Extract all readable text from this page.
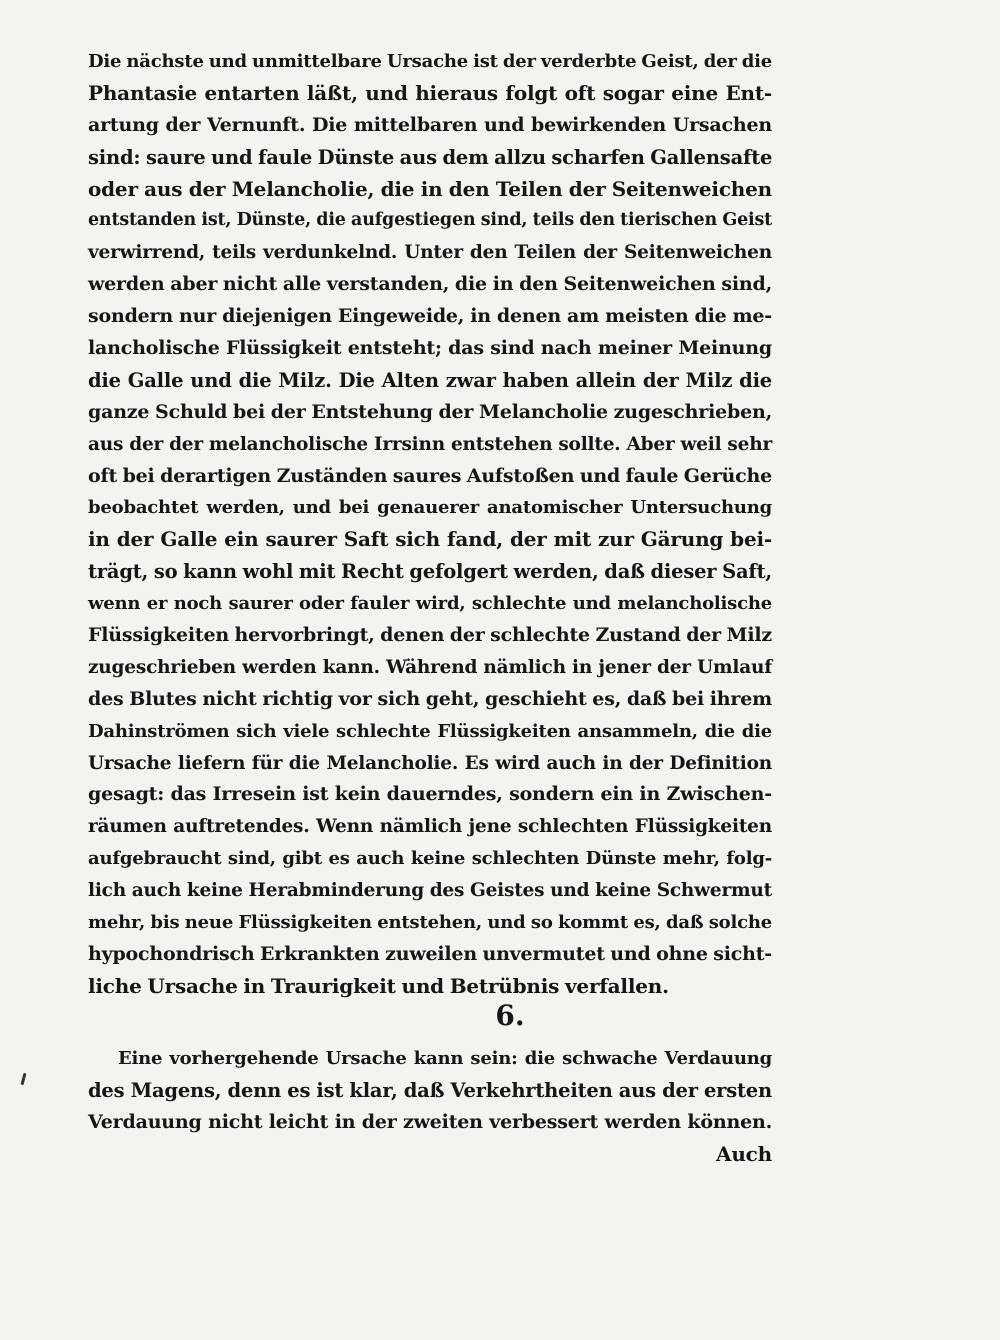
Die nächste und unmittelbare Ursache ist der verderbte Geist, der die
Phantasie entarten läßt, und hieraus folgt oft sogar eine Ent-
artung der Vernunft. Die mittelbaren und bewirkenden Ursachen
sind: saure und faule Dünste aus dem allzu scharfen Gallensafte
oder aus der Melancholie, die in den Teilen der Seitenweichen
entstanden ist, Dünste, die aufgestiegen sind, teils den tierischen Geist
verwirrend, teils verdunkelnd. Unter den Teilen der Seitenweichen
werden aber nicht alle verstanden, die in den Seitenweichen sind,
sondern nur diejenigen Eingeweide, in denen am meisten die me-
lancholische Flüssigkeit entsteht; das sind nach meiner Meinung
die Galle und die Milz. Die Alten zwar haben allein der Milz die
ganze Schuld bei der Entstehung der Melancholie zugeschrieben,
aus der der melancholische Irrsinn entstehen sollte. Aber weil sehr
oft bei derartigen Zuständen saures Aufstoßen und faule Gerüche
beobachtet werden, und bei genauerer anatomischer Untersuchung
in der Galle ein saurer Saft sich fand, der mit zur Gärung bei-
trägt, so kann wohl mit Recht gefolgert werden, daß dieser Saft,
wenn er noch saurer oder fauler wird, schlechte und melancholische
Flüssigkeiten hervorbringt, denen der schlechte Zustand der Milz
zugeschrieben werden kann. Während nämlich in jener der Umlauf
des Blutes nicht richtig vor sich geht, geschieht es, daß bei ihrem
Dahinströmen sich viele schlechte Flüssigkeiten ansammeln, die die
Ursache liefern für die Melancholie. Es wird auch in der Definition
gesagt: das Irresein ist kein dauerndes, sondern ein in Zwischen-
räumen auftretendes. Wenn nämlich jene schlechten Flüssigkeiten
aufgebraucht sind, gibt es auch keine schlechten Dünste mehr, folg-
lich auch keine Herabminderung des Geistes und keine Schwermut
mehr, bis neue Flüssigkeiten entstehen, und so kommt es, daß solche
hypochondrisch Erkrankten zuweilen unvermutet und ohne sicht-
liche Ursache in Traurigkeit und Betrübnis verfallen.
6.
Eine vorhergehende Ursache kann sein: die schwache Verdauung
des Magens, denn es ist klar, daß Verkehrtheiten aus der ersten
Verdauung nicht leicht in der zweiten verbessert werden können.
Auch
